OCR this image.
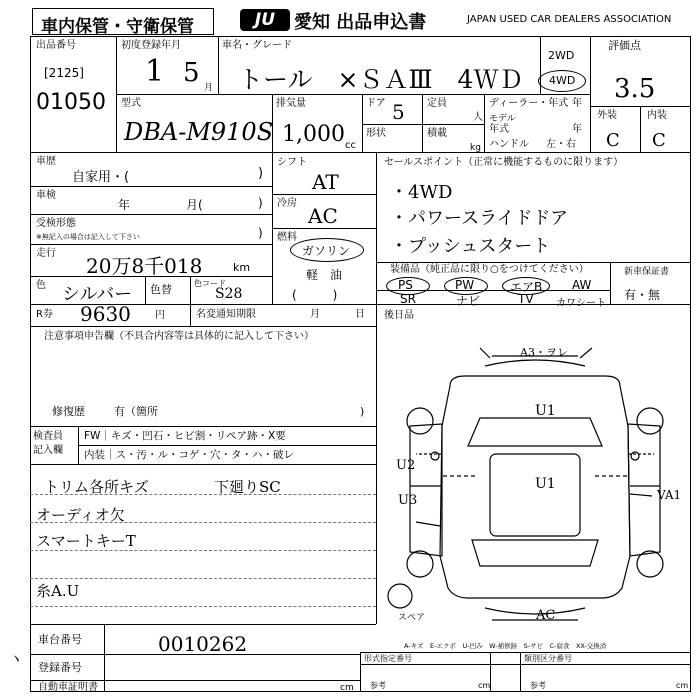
車内保管・守衛保管	JU	愛知 出品申込書	JAPAN USED CAR DEALERS ASSOCIATION
出品番号
[2125]
01050
初度登録年月
1 5 月
車名・グレード
トール　×ＳＡⅢ　4ＷＤ
2WD
4WD
評価点
3.5
外装	内装
C C
型式
DBA-M910S
排気量
1,000 cc
ドア 5 定員
人
形状	積載
kg
ディーラー・年式 年
モデル
年式	年
ハンドル 左・右
車歴
自家用・(	)
車検
年	月(	)
受検形態
※無記入の場合は記入して下さい	)
走行
20万8千018	km
色 シルバー 色替	色コード
S28
シフト
AT
冷房
AC
燃料
ガソリン
軽　油
(　　　)
セールスポイント（正常に機能するものに限ります）
・4WD
・パワースライドドア
・プッシュスタート
装備品（純正品に限り○をつけてください）
PS	PW	エアB AW
SR	ナビ	TV カワシート
新車保証書
有・無
R券 9630 円	名変通知期限	月	日 後日品
注意事項申告欄（不具合内容等は具体的に記入して下さい）
修復歴	有（箇所	)
検査員
記入欄
FW｜キズ・凹石・ヒビ割・リペア跡・X要
内装｜ス・汚・ル・コゲ・穴・タ・ハ・破レ
トリム各所キズ	下廻りSC
オーディオ欠
スマートキーT
糸A.U
A3・ヲレ
U1
U1
U2
U3	VA1
AC
スペア
A-キズ　E-エクボ　U-凹み　W-補修跡　S-サビ　C-腐食　XX-交換済
車台番号	0010262
登録番号
自動車証明書	cm
ヽ	形式指定番号
参考	cm
類別区分番号
参考	cm
